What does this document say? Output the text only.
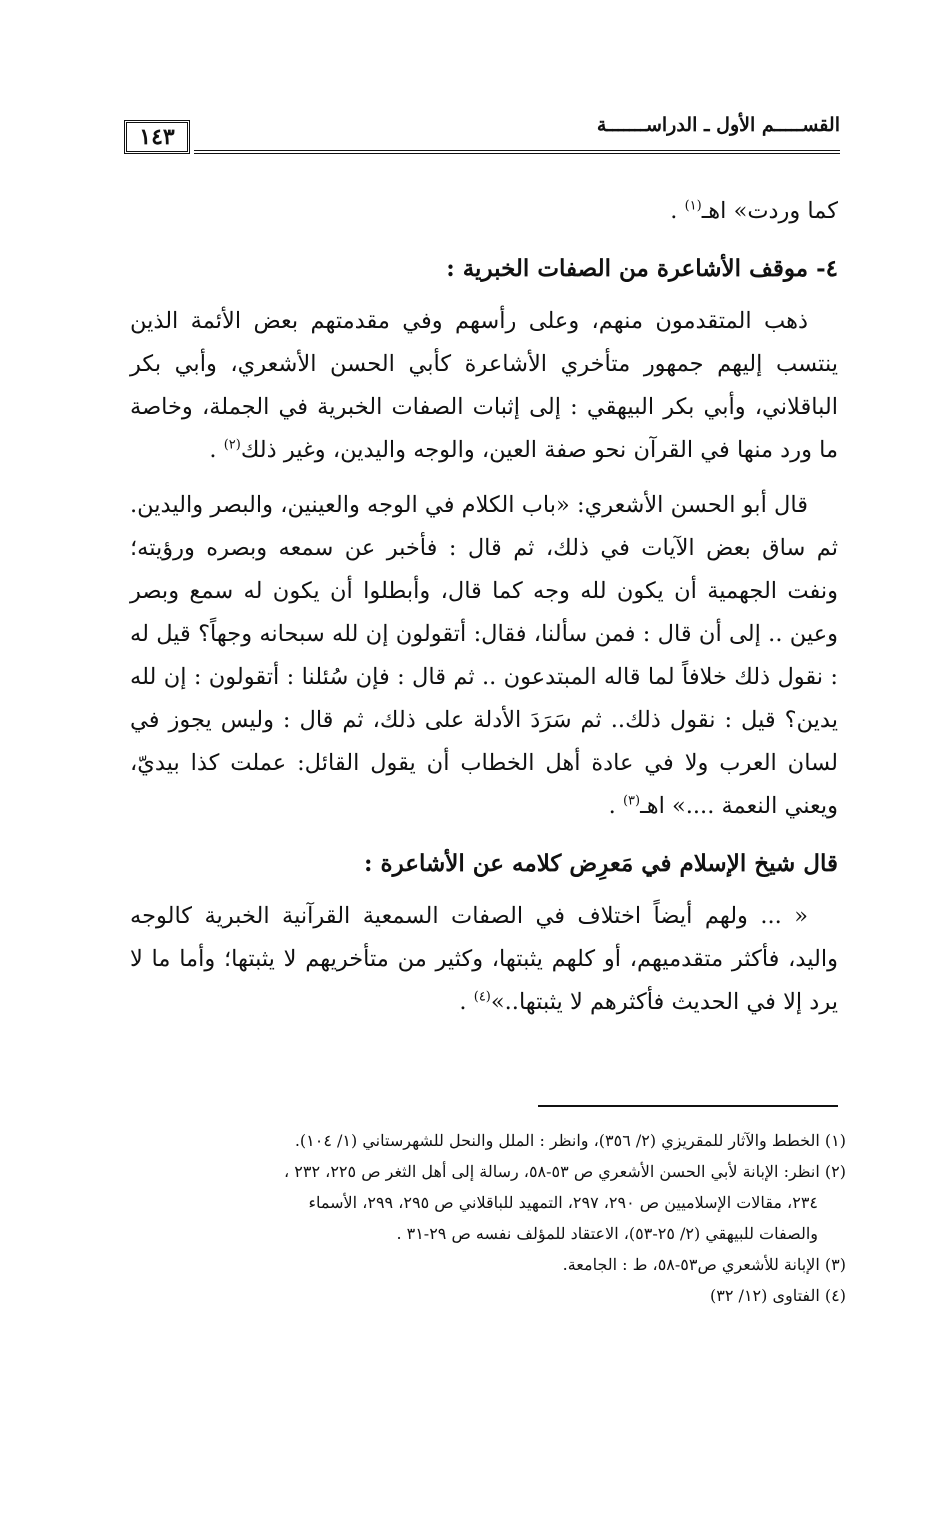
١٤٣	القســـــم الأول ـ الدراســـــــة

كما وردت» اهـ$^{(١)}$ .

٤- موقف الأشاعرة من الصفات الخبرية :

ذهب المتقدمون منهم، وعلى رأسهم وفي مقدمتهم بعض الأئمة الذين ينتسب إليهم جمهور متأخري الأشاعرة كأبي الحسن الأشعري، وأبي بكر الباقلاني، وأبي بكر البيهقي : إلى إثبات الصفات الخبرية في الجملة، وخاصة ما ورد منها في القرآن نحو صفة العين، والوجه واليدين، وغير ذلك$^{(٢)}$ .

قال أبو الحسن الأشعري: «باب الكلام في الوجه والعينين، والبصر واليدين. ثم ساق بعض الآيات في ذلك، ثم قال : فأخبر عن سمعه وبصره ورؤيته؛ ونفت الجهمية أن يكون لله وجه كما قال، وأبطلوا أن يكون له سمع وبصر وعين .. إلى أن قال : فمن سألنا، فقال: أتقولون إن لله سبحانه وجهاً؟ قيل له : نقول ذلك خلافاً لما قاله المبتدعون .. ثم قال : فإن سُئلنا : أتقولون : إن لله يدين؟ قيل : نقول ذلك.. ثم سَرَدَ الأدلة على ذلك، ثم قال : وليس يجوز في لسان العرب ولا في عادة أهل الخطاب أن يقول القائل: عملت كذا بيديّ، ويعني النعمة ....» اهـ$^{(٣)}$ .

قال شيخ الإسلام في مَعرِض كلامه عن الأشاعرة :

« ... ولهم أيضاً اختلاف في الصفات السمعية القرآنية الخبرية كالوجه واليد، فأكثر متقدميهم، أو كلهم يثبتها، وكثير من متأخريهم لا يثبتها؛ وأما ما لا يرد إلا في الحديث فأكثرهم لا يثبتها..»$^{(٤)}$ .

(١) الخطط والآثار للمقريزي (٢/ ٣٥٦)، وانظر : الملل والنحل للشهرستاني (١/ ١٠٤).

(٢) انظر: الإبانة لأبي الحسن الأشعري ص ٥٣-٥٨، رسالة إلى أهل الثغر ص ٢٢٥، ٢٣٢ ،

٢٣٤، مقالات الإسلاميين ص ٢٩٠، ٢٩٧، التمهيد للباقلاني ص ٢٩٥، ٢٩٩، الأسماء

والصفات للبيهقي (٢/ ٢٥-٥٣)، الاعتقاد للمؤلف نفسه ص ٢٩-٣١ .

(٣) الإبانة للأشعري ص٥٣-٥٨، ط : الجامعة.

(٤) الفتاوى (١٢/ ٣٢)
